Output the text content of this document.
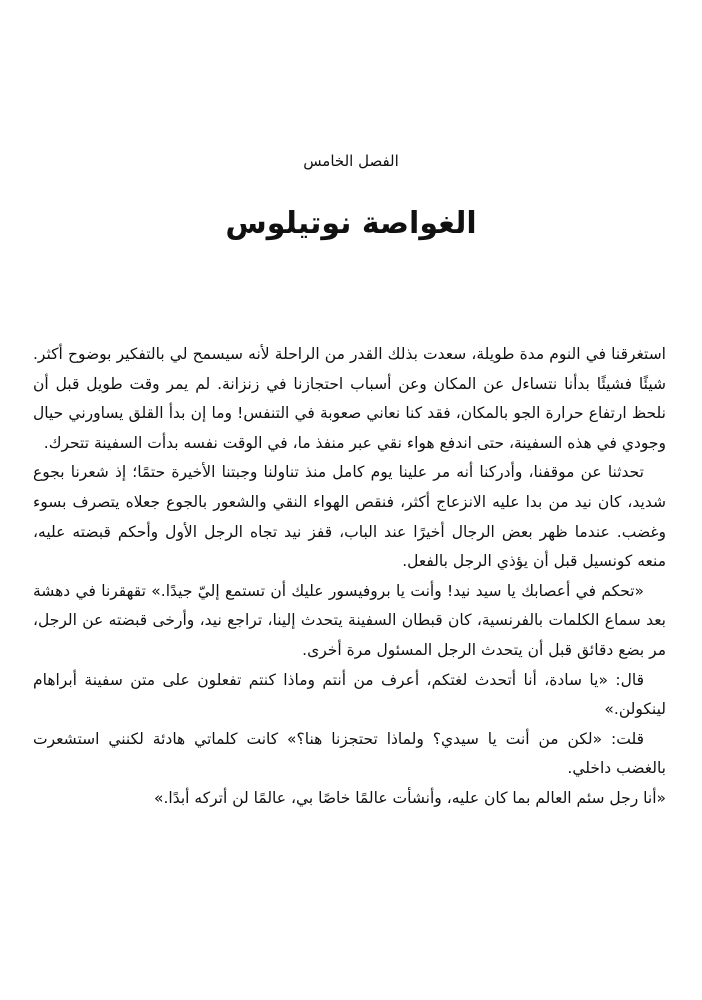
الفصل الخامس
الغواصة نوتيلوس

استغرقنا في النوم مدة طويلة، سعدت بذلك القدر من الراحلة لأنه سيسمح لي بالتفكير بوضوح أكثر. شيئًا فشيئًا بدأنا نتساءل عن المكان وعن أسباب احتجازنا في زنزانة. لم يمر وقت طويل قبل أن نلحظ ارتفاع حرارة الجو بالمكان، فقد كنا نعاني صعوبة في التنفس! وما إن بدأ القلق يساورني حيال وجودي في هذه السفينة، حتى اندفع هواء نقي عبر منفذ ما، في الوقت نفسه بدأت السفينة تتحرك.

تحدثنا عن موقفنا، وأدركنا أنه مر علينا يوم كامل منذ تناولنا وجبتنا الأخيرة حتمًا؛ إذ شعرنا بجوع شديد، كان نيد من بدا عليه الانزعاج أكثر، فنقص الهواء النقي والشعور بالجوع جعلاه يتصرف بسوء وغضب. عندما ظهر بعض الرجال أخيرًا عند الباب، قفز نيد تجاه الرجل الأول وأحكم قبضته عليه، منعه كونسيل قبل أن يؤذي الرجل بالفعل.

«تحكم في أعصابك يا سيد نيد! وأنت يا بروفيسور عليك أن تستمع إليّ جيدًا.» تقهقرنا في دهشة بعد سماع الكلمات بالفرنسية، كان قبطان السفينة يتحدث إلينا، تراجع نيد، وأرخى قبضته عن الرجل، مر بضع دقائق قبل أن يتحدث الرجل المسئول مرة أخرى.

قال: «يا سادة، أنا أتحدث لغتكم، أعرف من أنتم وماذا كنتم تفعلون على متن سفينة أبراهام لينكولن.»

قلت: «لكن من أنت يا سيدي؟ ولماذا تحتجزنا هنا؟» كانت كلماتي هادئة لكنني استشعرت بالغضب داخلي.

«أنا رجل سئم العالم بما كان عليه، وأنشأت عالمًا خاصًا بي، عالمًا لن أتركه أبدًا.»
